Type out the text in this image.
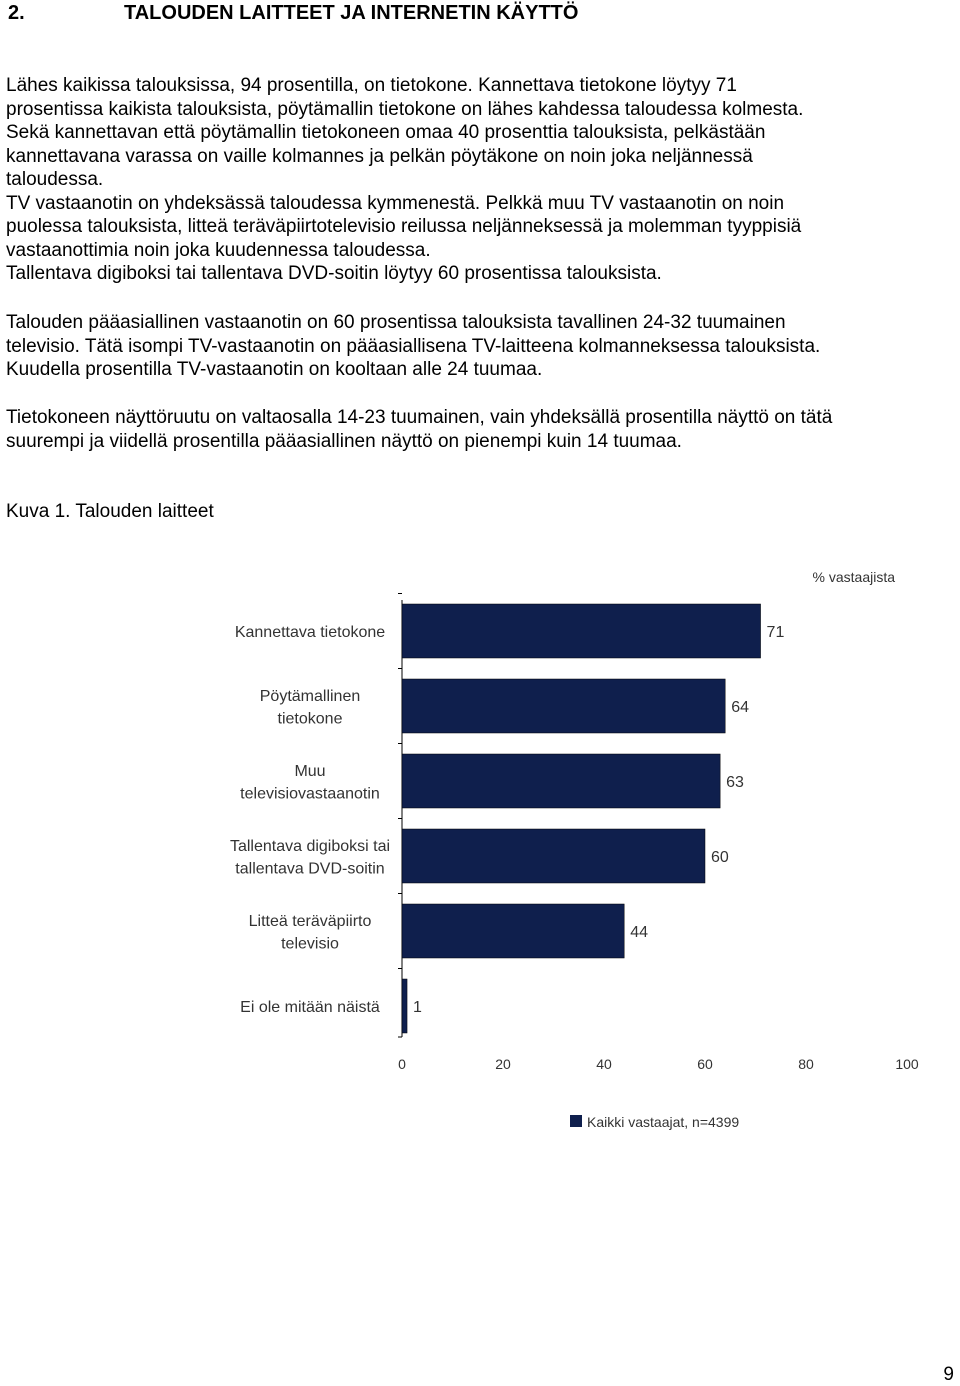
2.	TALOUDEN LAITTEET JA INTERNETIN KÄYTTÖ

Lähes kaikissa talouksissa, 94 prosentilla, on tietokone. Kannettava tietokone löytyy 71

prosentissa kaikista talouksista, pöytämallin tietokone on lähes kahdessa taloudessa kolmesta.

Sekä kannettavan että pöytämallin tietokoneen omaa 40 prosenttia talouksista, pelkästään

kannettavana varassa on vaille kolmannes ja pelkän pöytäkone on noin joka neljännessä

taloudessa.

TV vastaanotin on yhdeksässä taloudessa kymmenestä. Pelkkä muu TV vastaanotin on noin

puolessa talouksista, litteä teräväpiirtotelevisio reilussa neljänneksessä ja molemman tyyppisiä

vastaanottimia noin joka kuudennessa taloudessa.

Tallentava digiboksi tai tallentava DVD-soitin löytyy 60 prosentissa talouksista.

Talouden pääasiallinen vastaanotin on 60 prosentissa talouksista tavallinen 24-32 tuumainen

televisio. Tätä isompi TV-vastaanotin on pääasiallisena TV-laitteena kolmanneksessa talouksista.

Kuudella prosentilla TV-vastaanotin on kooltaan alle 24 tuumaa.

Tietokoneen näyttöruutu on valtaosalla 14-23 tuumainen, vain yhdeksällä prosentilla näyttö on tätä

suurempi ja viidellä prosentilla pääasiallinen näyttö on pienempi kuin 14 tuumaa.

Kuva 1. Talouden laitteet
% vastaajista
Kannettava tietokone	71
Pöytämallinen
tietokone
64
Muu
televisiovastaanotin
63
Tallentava digiboksi tai
tallentava DVD-soitin
60
Litteä teräväpiirto
televisio
44
Ei ole mitään näistä 1
0	20	40	60	80	100
Kaikki vastaajat, n=4399
9
